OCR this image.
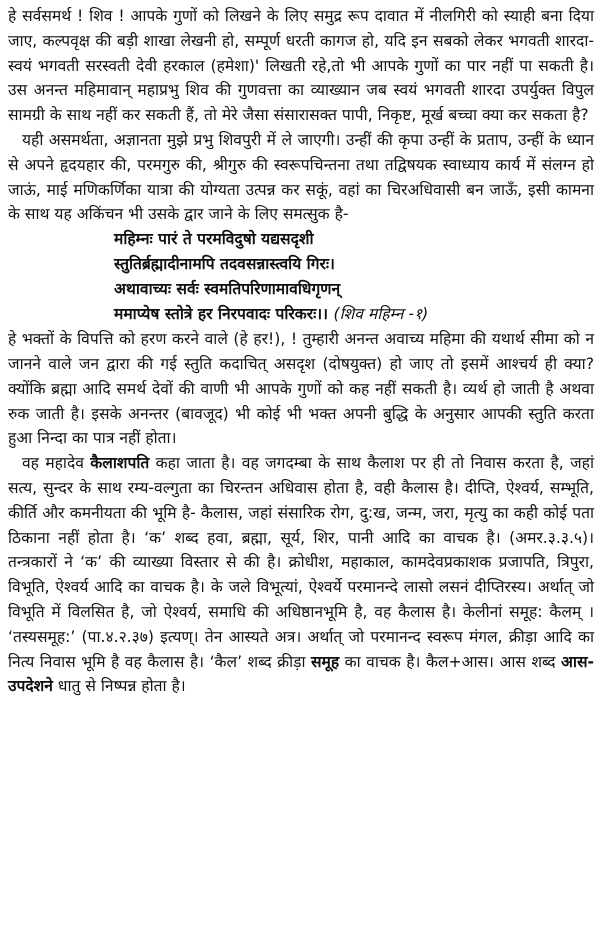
हे सर्वसमर्थ ! शिव ! आपके गुणों को लिखने के लिए समुद्र रूप दावात में नीलगिरी को स्याही बना दिया जाए, कल्पवृक्ष की बड़ी शाखा लेखनी हो, सम्पूर्ण धरती कागज हो, यदि इन सबको लेकर भगवती शारदा-स्वयं भगवती सरस्वती देवी हरकाल (हमेशा)' लिखती रहे,तो भी आपके गुणों का पार नहीं पा सकती है। उस अनन्त महिमावान् महाप्रभु शिव की गुणवत्ता का व्याख्यान जब स्वयं भगवती शारदा उपर्युक्त विपुल सामग्री के साथ नहीं कर सकती हैं, तो मेरे जैसा संसारासक्त पापी, निकृष्ट, मूर्ख बच्चा क्या कर सकता है?

यही असमर्थता, अज्ञानता मुझे प्रभु शिवपुरी में ले जाएगी। उन्हीं की कृपा उन्हीं के प्रताप, उन्हीं के ध्यान से अपने हृदयहार की, परमगुरु की, श्रीगुरु की स्वरूपचिन्तना तथा तद्विषयक स्वाध्याय कार्य में संलग्न हो जाऊं, माई मणिकर्णिका यात्रा की योग्यता उत्पन्न कर सकूं, वहां का चिरअधिवासी बन जाऊँ, इसी कामना के साथ यह अकिंचन भी उसके द्वार जाने के लिए समत्सुक है-

महिम्नः पारं ते परमविदुषो यद्यसदृशी
स्तुतिर्ब्रह्मादीनामपि तदवसन्नास्त्वयि गिरः।
अथावाच्यः सर्वः स्वमतिपरिणामावधिगृणन्
ममाप्येष स्तोत्रे हर निरपवादः परिकरः।। (शिव महिम्न -१)

हे भक्तों के विपत्ति को हरण करने वाले (हे हर!), ! तुम्हारी अनन्त अवाच्य महिमा की यथार्थ सीमा को न जानने वाले जन द्वारा की गई स्तुति कदाचित् असदृश (दोषयुक्त) हो जाए तो इसमें आश्चर्य ही क्या? क्योंकि ब्रह्मा आदि समर्थ देवों की वाणी भी आपके गुणों को कह नहीं सकती है। व्यर्थ हो जाती है अथवा रुक जाती है। इसके अनन्तर (बावजूद) भी कोई भी भक्त अपनी बुद्धि के अनुसार आपकी स्तुति करता हुआ निन्दा का पात्र नहीं होता।

वह महादेव कैलाशपति कहा जाता है। वह जगदम्बा के साथ कैलाश पर ही तो निवास करता है, जहां सत्य, सुन्दर के साथ रम्य-वल्गुता का चिरन्तन अधिवास होता है, वही कैलास है। दीप्ति, ऐश्वर्य, सम्भूति, कीर्ति और कमनीयता की भूमि है- कैलास, जहां संसारिक रोग, दु:ख, जन्म, जरा, मृत्यु का कही कोई पता ठिकाना नहीं होता है। ‘क’ शब्द हवा, ब्रह्मा, सूर्य, शिर, पानी आदि का वाचक है। (अमर.३.३.५)। तन्त्रकारों ने ‘क’ की व्याख्या विस्तार से की है। क्रोधीश, महाकाल, कामदेवप्रकाशक प्रजापति, त्रिपुरा, विभूति, ऐश्वर्य आदि का वाचक है। के जले विभूत्यां, ऐश्वर्ये परमानन्दे लासो लसनं दीप्तिरस्य। अर्थात् जो विभूति में विलसित है, जो ऐश्वर्य, समाधि की अधिष्ठानभूमि है, वह कैलास है। केलीनां समूह: कैलम् । ‘तस्यसमूह:’ (पा.४.२.३७) इत्यण्। तेन आस्यते अत्र। अर्थात् जो परमानन्द स्वरूप मंगल, क्रीड़ा आदि का नित्य निवास भूमि है वह कैलास है। ‘कैल’ शब्द क्रीड़ा समूह का वाचक है। कैल+आस। आस शब्द आस-उपदेशने धातु से निष्पन्न होता है।
